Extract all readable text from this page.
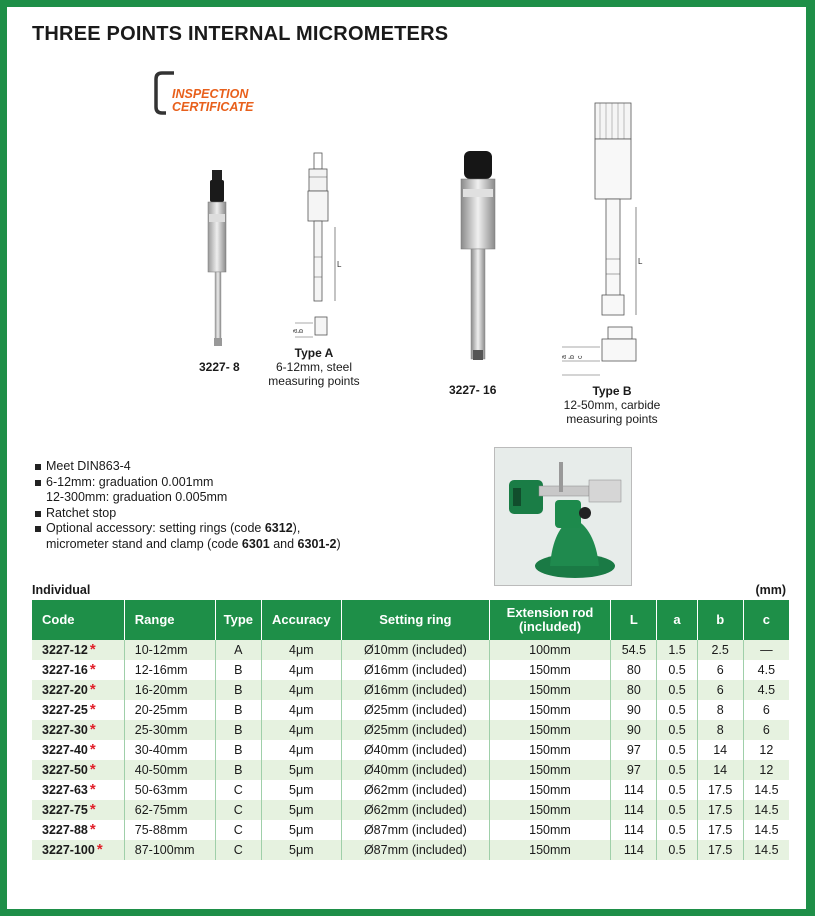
THREE POINTS INTERNAL MICROMETERS
INSPECTION
CERTIFICATE
3227- 8
L
a b
Type A
6-12mm, steel
measuring points
3227- 16
L
a b c
Type B
12-50mm, carbide
measuring points
Meet DIN863-4
6-12mm: graduation 0.001mm
12-300mm: graduation 0.005mm
Ratchet stop
Optional accessory: setting rings (code 6312),
micrometer stand and clamp (code 6301 and 6301-2)
Individual	(mm)
Code	Range	Type	Accuracy	Setting ring	Extension rod
(included)	L	a	b	c
3227-12 *	10-12mm	A	4μm	Ø10mm (included)	100mm	54.5	1.5	2.5	—
3227-16 *	12-16mm	B	4μm	Ø16mm (included)	150mm	80	0.5	6	4.5
3227-20 *	16-20mm	B	4μm	Ø16mm (included)	150mm	80	0.5	6	4.5
3227-25 *	20-25mm	B	4μm	Ø25mm (included)	150mm	90	0.5	8	6
3227-30 *	25-30mm	B	4μm	Ø25mm (included)	150mm	90	0.5	8	6
3227-40 *	30-40mm	B	4μm	Ø40mm (included)	150mm	97	0.5	14	12
3227-50 *	40-50mm	B	5μm	Ø40mm (included)	150mm	97	0.5	14	12
3227-63 *	50-63mm	C	5μm	Ø62mm (included)	150mm	114	0.5	17.5	14.5
3227-75 *	62-75mm	C	5μm	Ø62mm (included)	150mm	114	0.5	17.5	14.5
3227-88 *	75-88mm	C	5μm	Ø87mm (included)	150mm	114	0.5	17.5	14.5
3227-100 *	87-100mm	C	5μm	Ø87mm (included)	150mm	114	0.5	17.5	14.5
